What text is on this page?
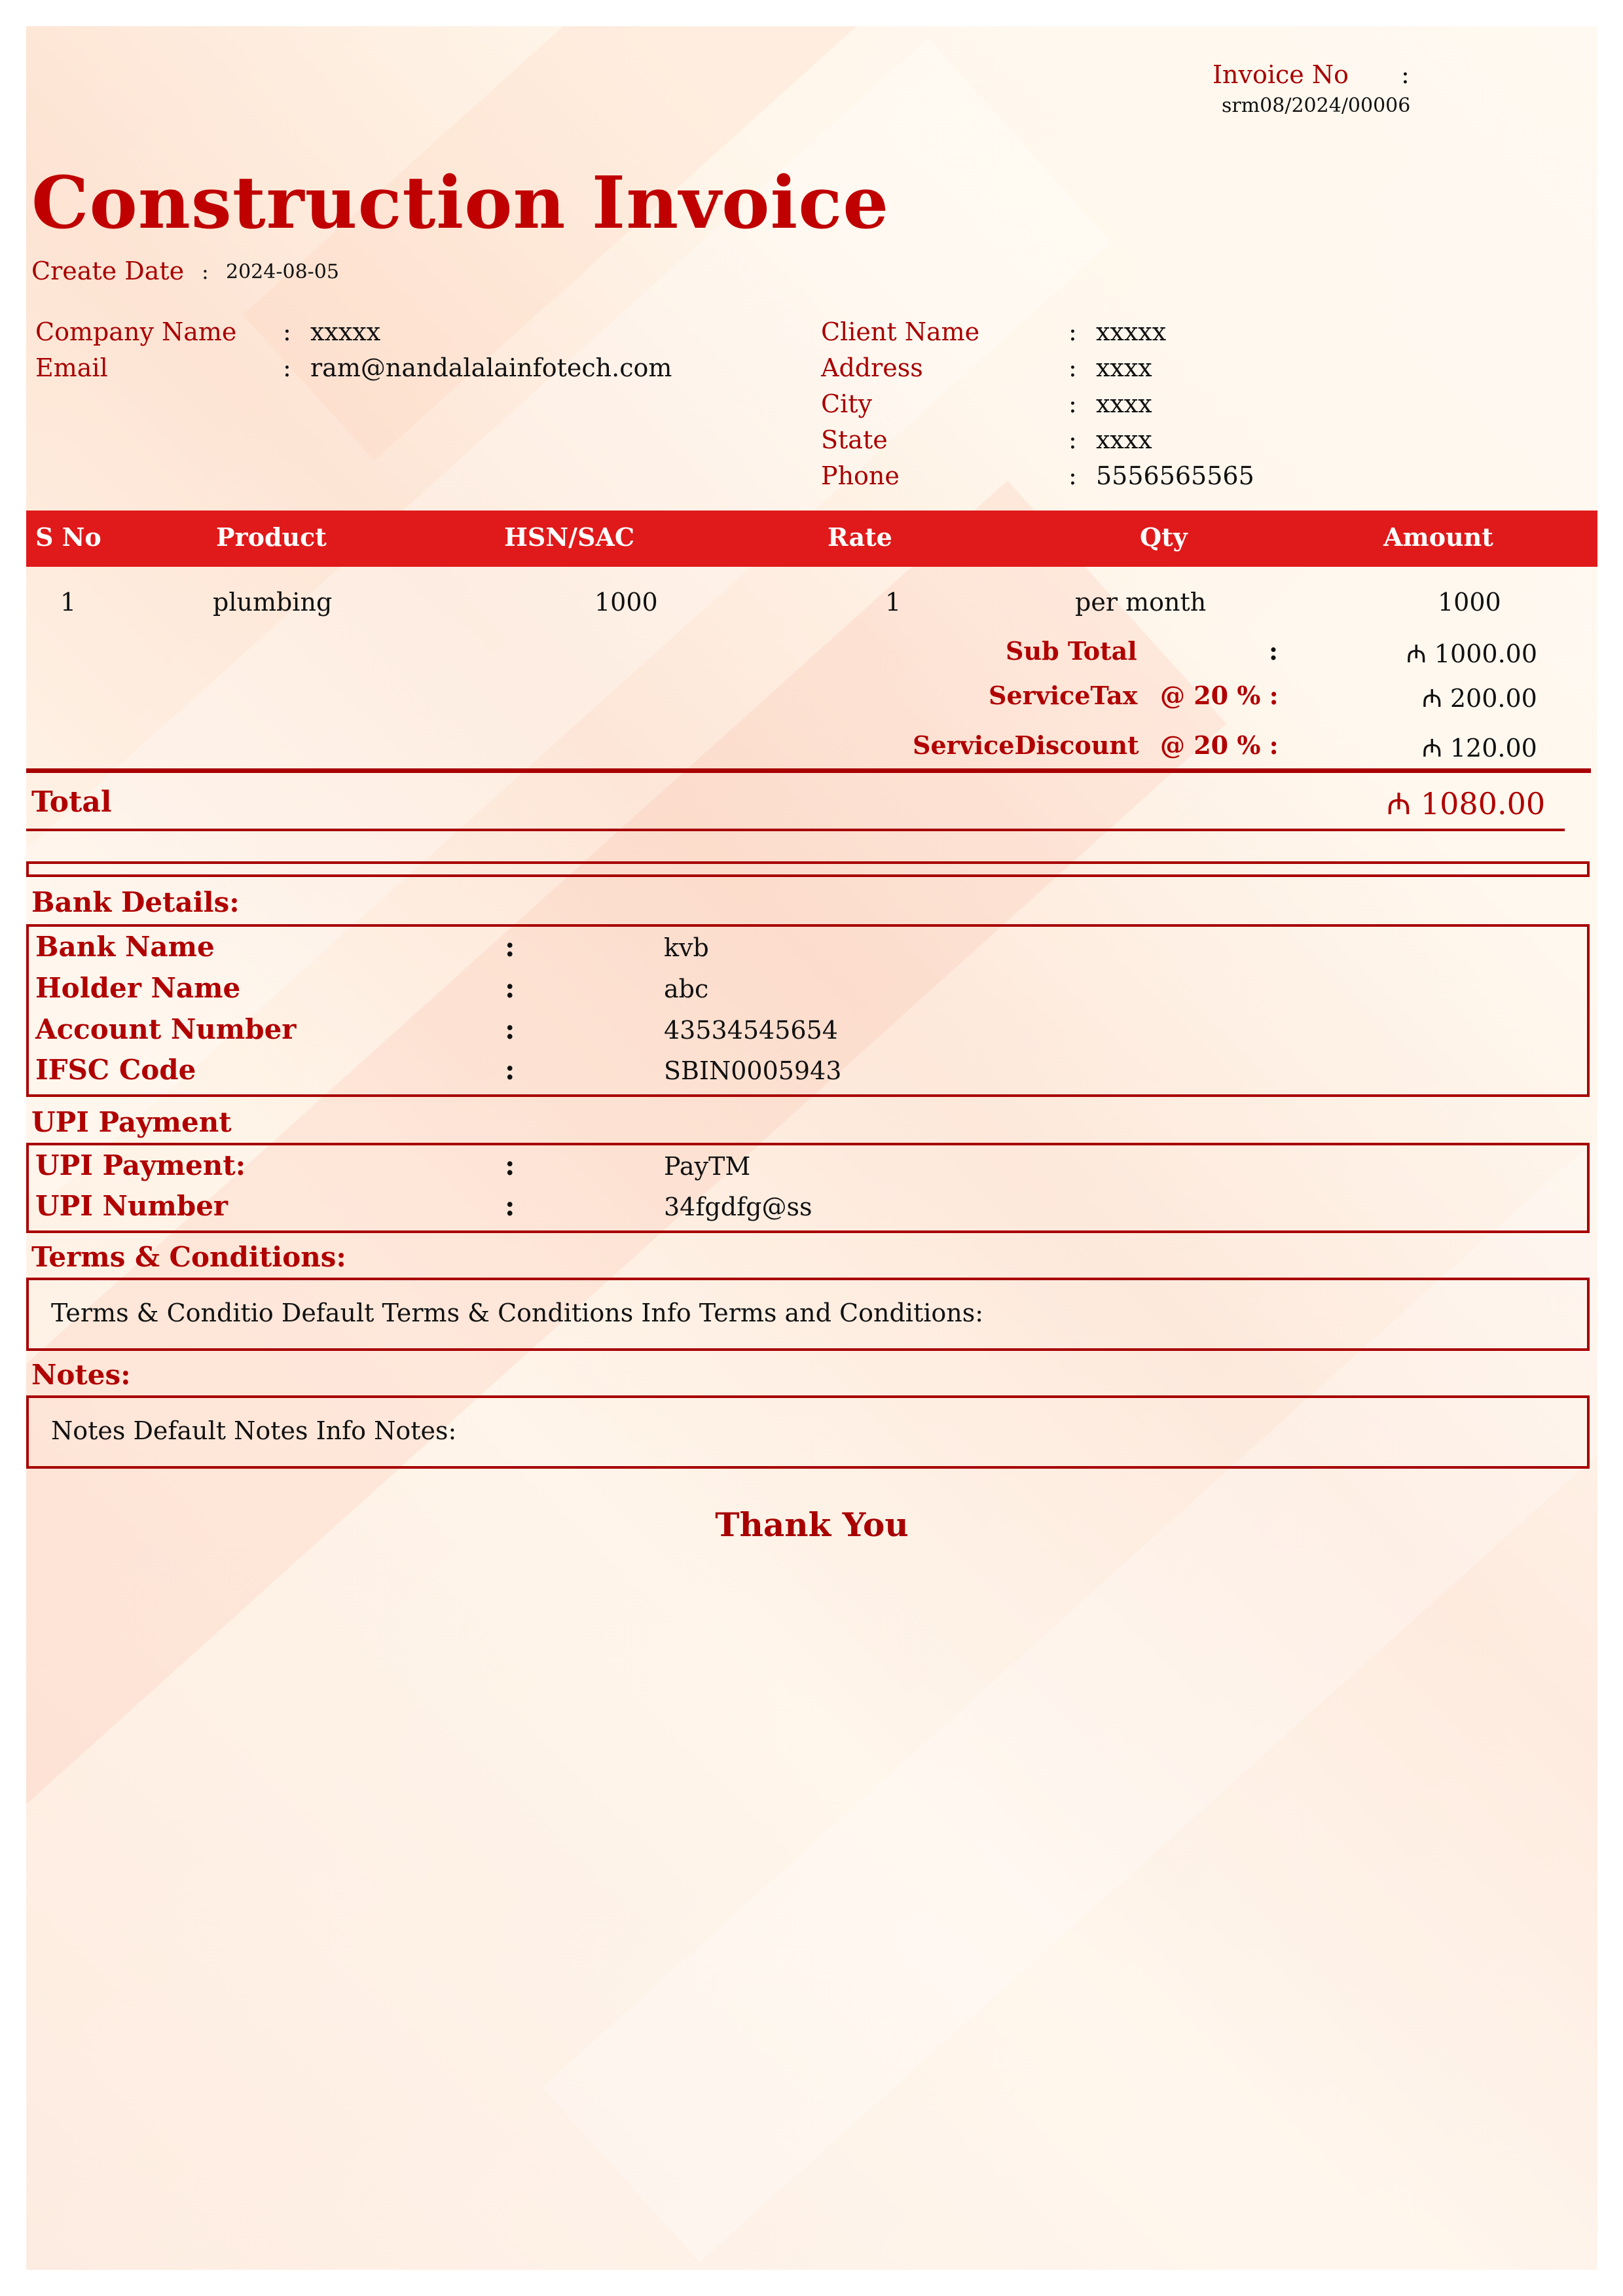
Invoice No :
srm08/2024/00006
Construction Invoice
Create Date : 2024-08-05
Company Name : xxxxx
Email	: ram@nandalalainfotech.com
Client Name	: xxxxx
Address	: xxxx
City	: xxxx
State	: xxxx
Phone	: 5556565565
S No	Product	HSN/SAC	Rate	Qty	Amount
1	plumbing	1000	1	per month	1000
Sub Total	:	₼ 1000.00
ServiceTax @ 20 % :	₼ 200.00
ServiceDiscount @ 20 % :	₼ 120.00
Total	₼ 1080.00
Bank Details:
Bank Name	:	kvb
Holder Name	:	abc
Account Number	:	43534545654
IFSC Code	:	SBIN0005943
UPI Payment
UPI Payment:	:	PayTM
UPI Number	:	34fgdfg@ss
Terms & Conditions:
Terms & Conditio Default Terms & Conditions Info Terms and Conditions:
Notes:
Notes Default Notes Info Notes:
Thank You
